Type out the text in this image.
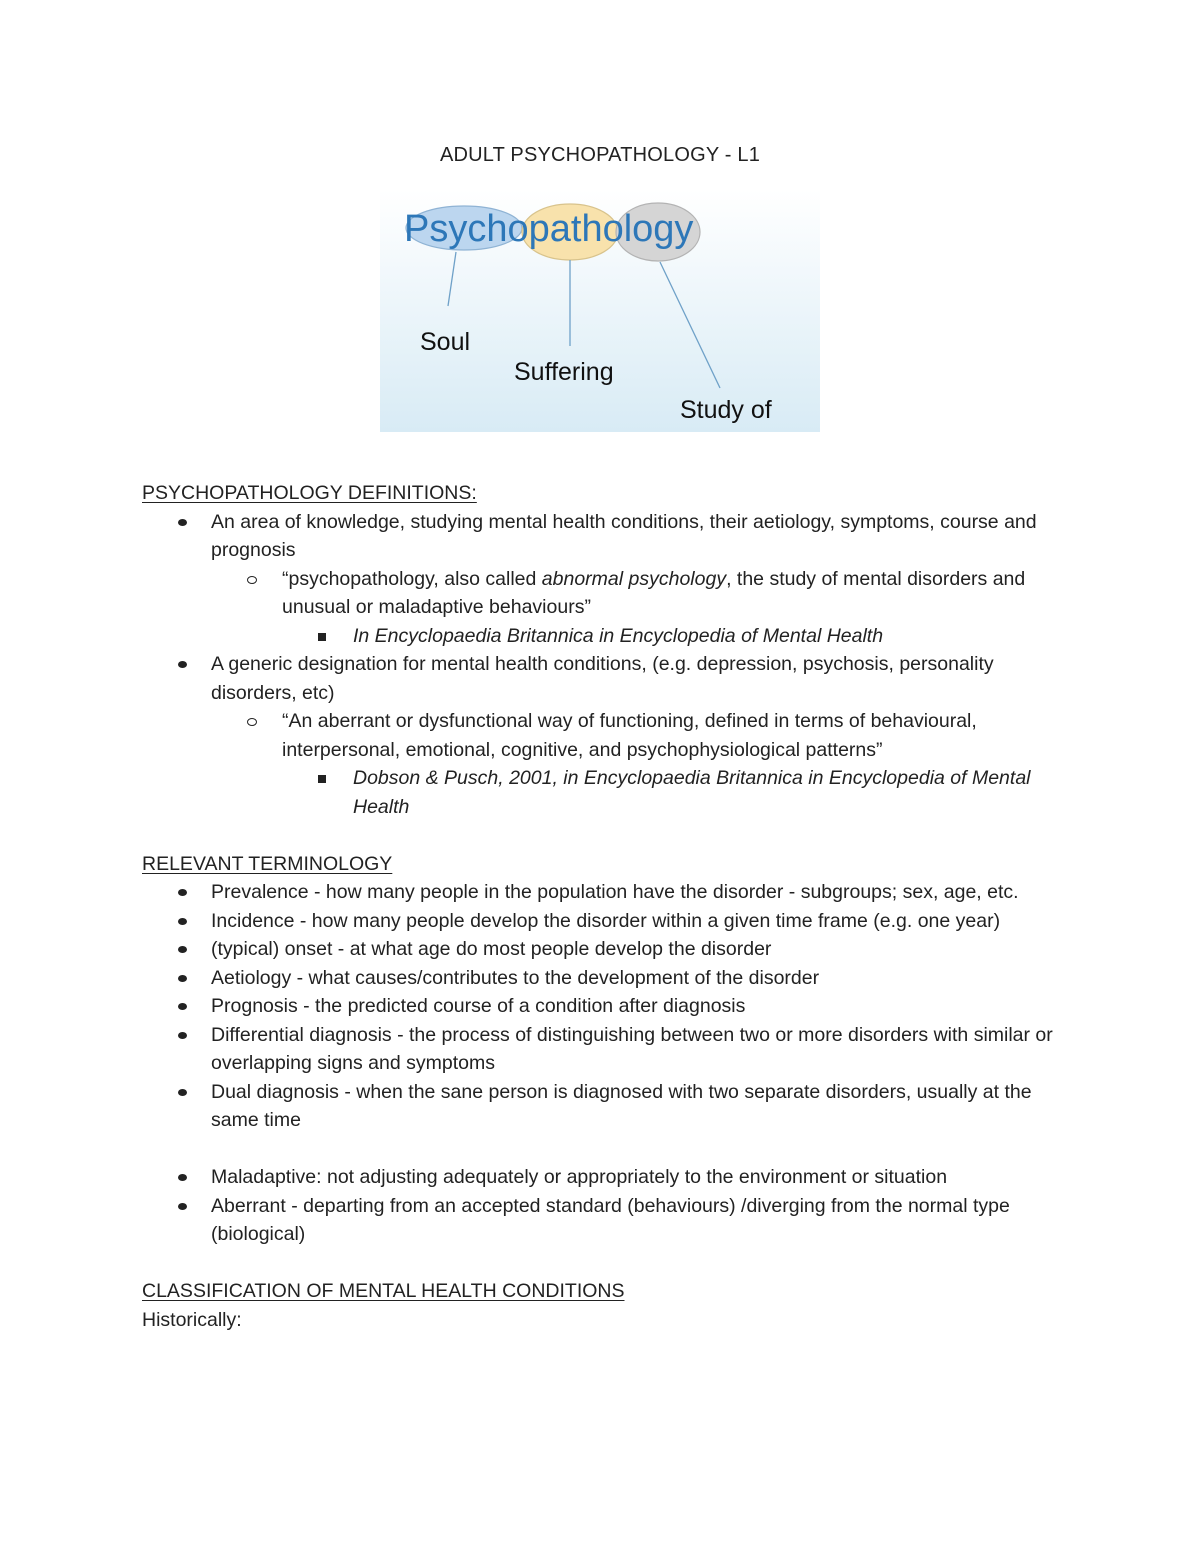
ADULT PSYCHOPATHOLOGY - L1
Psychopathology
Soul
Suffering
Study of

PSYCHOPATHOLOGY DEFINITIONS:

An area of knowledge, studying mental health conditions, their aetiology, symptoms, course and prognosis
“psychopathology, also called abnormal psychology, the study of mental disorders and unusual or maladaptive behaviours”
In Encyclopaedia Britannica in Encyclopedia of Mental Health
A generic designation for mental health conditions, (e.g. depression, psychosis, personality disorders, etc)
“An aberrant or dysfunctional way of functioning, defined in terms of behavioural, interpersonal, emotional, cognitive, and psychophysiological patterns”
Dobson & Pusch, 2001, in Encyclopaedia Britannica in Encyclopedia of Mental Health

RELEVANT TERMINOLOGY

Prevalence - how many people in the population have the disorder - subgroups; sex, age, etc.
Incidence - how many people develop the disorder within a given time frame (e.g. one year)
(typical) onset - at what age do most people develop the disorder
Aetiology - what causes/contributes to the development of the disorder
Prognosis - the predicted course of a condition after diagnosis
Differential diagnosis - the process of distinguishing between two or more disorders with similar or overlapping signs and symptoms
Dual diagnosis - when the sane person is diagnosed with two separate disorders, usually at the same time
Maladaptive: not adjusting adequately or appropriately to the environment or situation
Aberrant - departing from an accepted standard (behaviours) /diverging from the normal type (biological)

CLASSIFICATION OF MENTAL HEALTH CONDITIONS

Historically:
